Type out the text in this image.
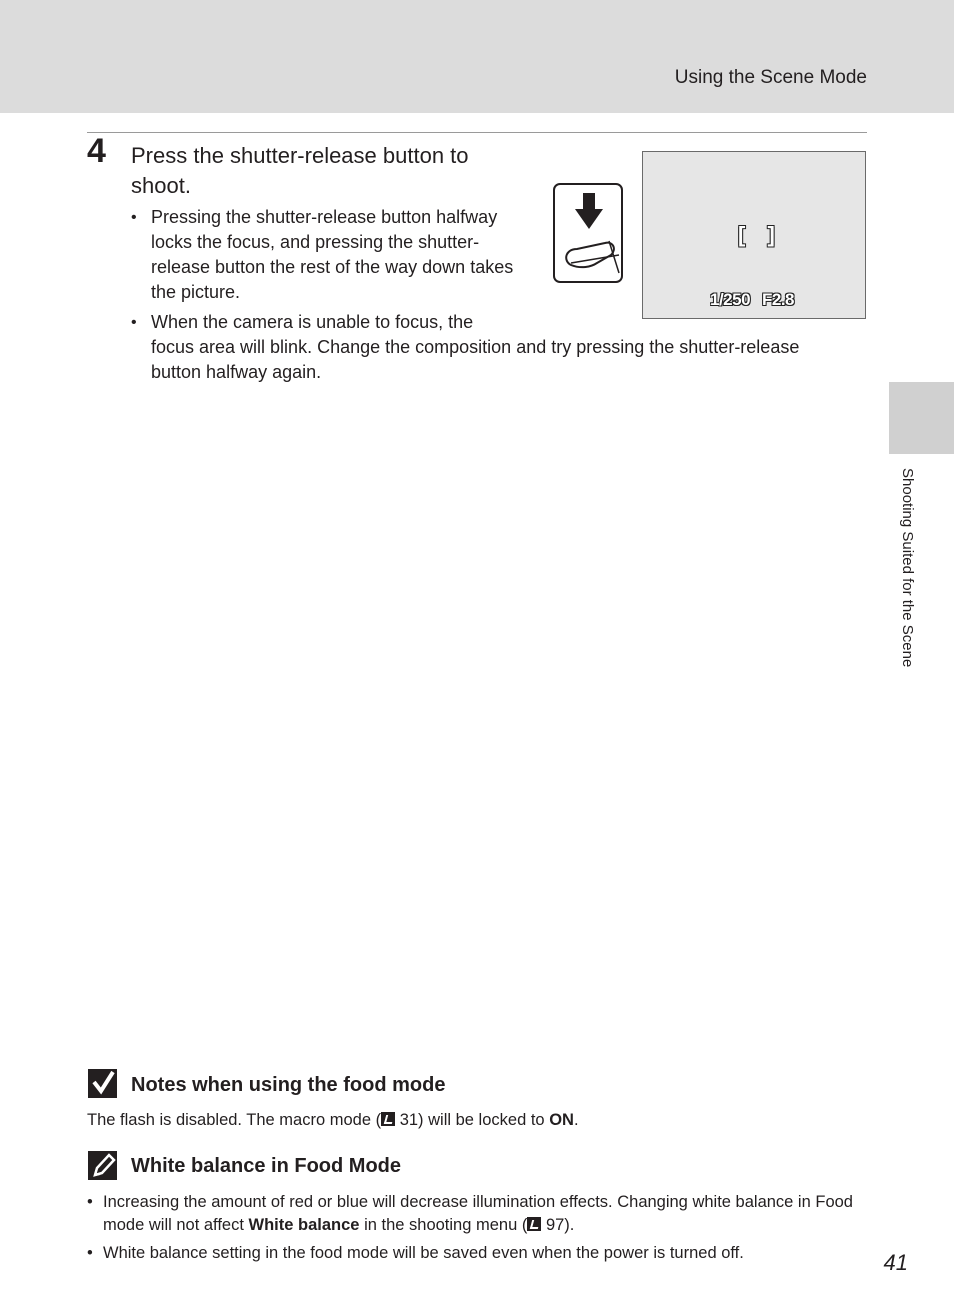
Using the Scene Mode
4 Press the shutter-release button to shoot.
• Pressing the shutter-release button halfway locks the focus, and pressing the shutter-release button the rest of the way down takes the picture.
• When the camera is unable to focus, the
focus area will blink. Change the composition and try pressing the shutter-release button halfway again.
[ ]
1/250 F2.8
Shooting Suited for the Scene
Notes when using the food mode
The flash is disabled. The macro mode ( 31) will be locked to ON.
White balance in Food Mode
• Increasing the amount of red or blue will decrease illumination effects. Changing white balance in Food mode will not affect White balance in the shooting menu ( 97).
• White balance setting in the food mode will be saved even when the power is turned off.	41
